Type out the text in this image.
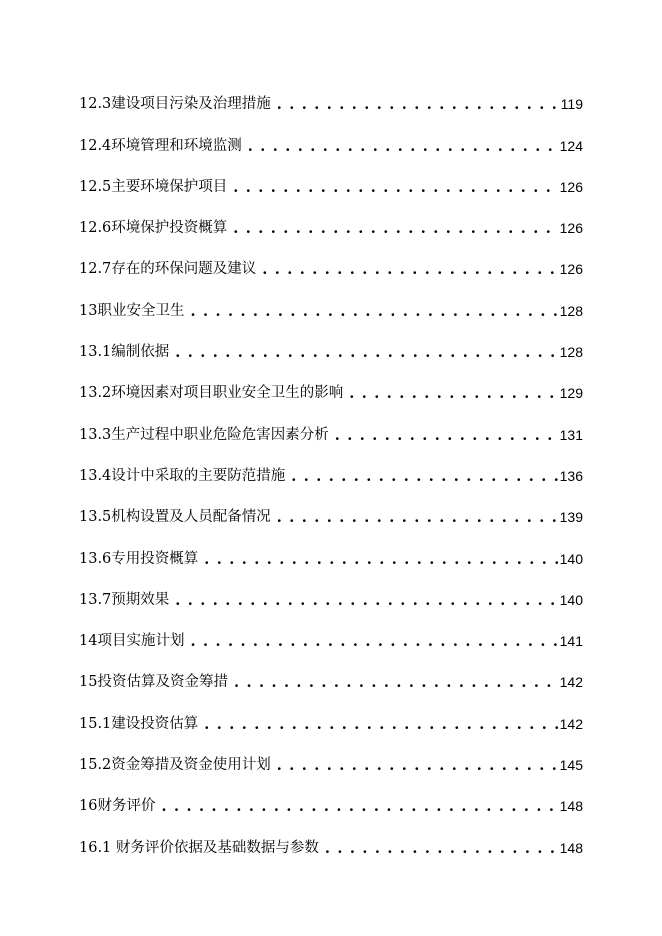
12.3建设项目污染及治理措施 . . .	119
12.4环境管理和环境监测 . . .	124
12.5主要环境保护项目 . . .	126
12.6环境保护投资概算 . . .	126
12.7存在的环保问题及建议 . . .	126
13职业安全卫生 . . .	128
13.1编制依据 . . .	128
13.2环境因素对项目职业安全卫生的影响 . . .	129
13.3生产过程中职业危险危害因素分析 . . .	131
13.4设计中采取的主要防范措施 . . .	136
13.5机构设置及人员配备情况 . . .	139
13.6专用投资概算 . . .	140
13.7预期效果 . . .	140
14项目实施计划 . . .	141
15投资估算及资金筹措 . . .	142
15.1建设投资估算 . . .	142
15.2资金筹措及资金使用计划 . . .	145
16财务评价 . . .	148
16.1 财务评价依据及基础数据与参数 . . .	148
